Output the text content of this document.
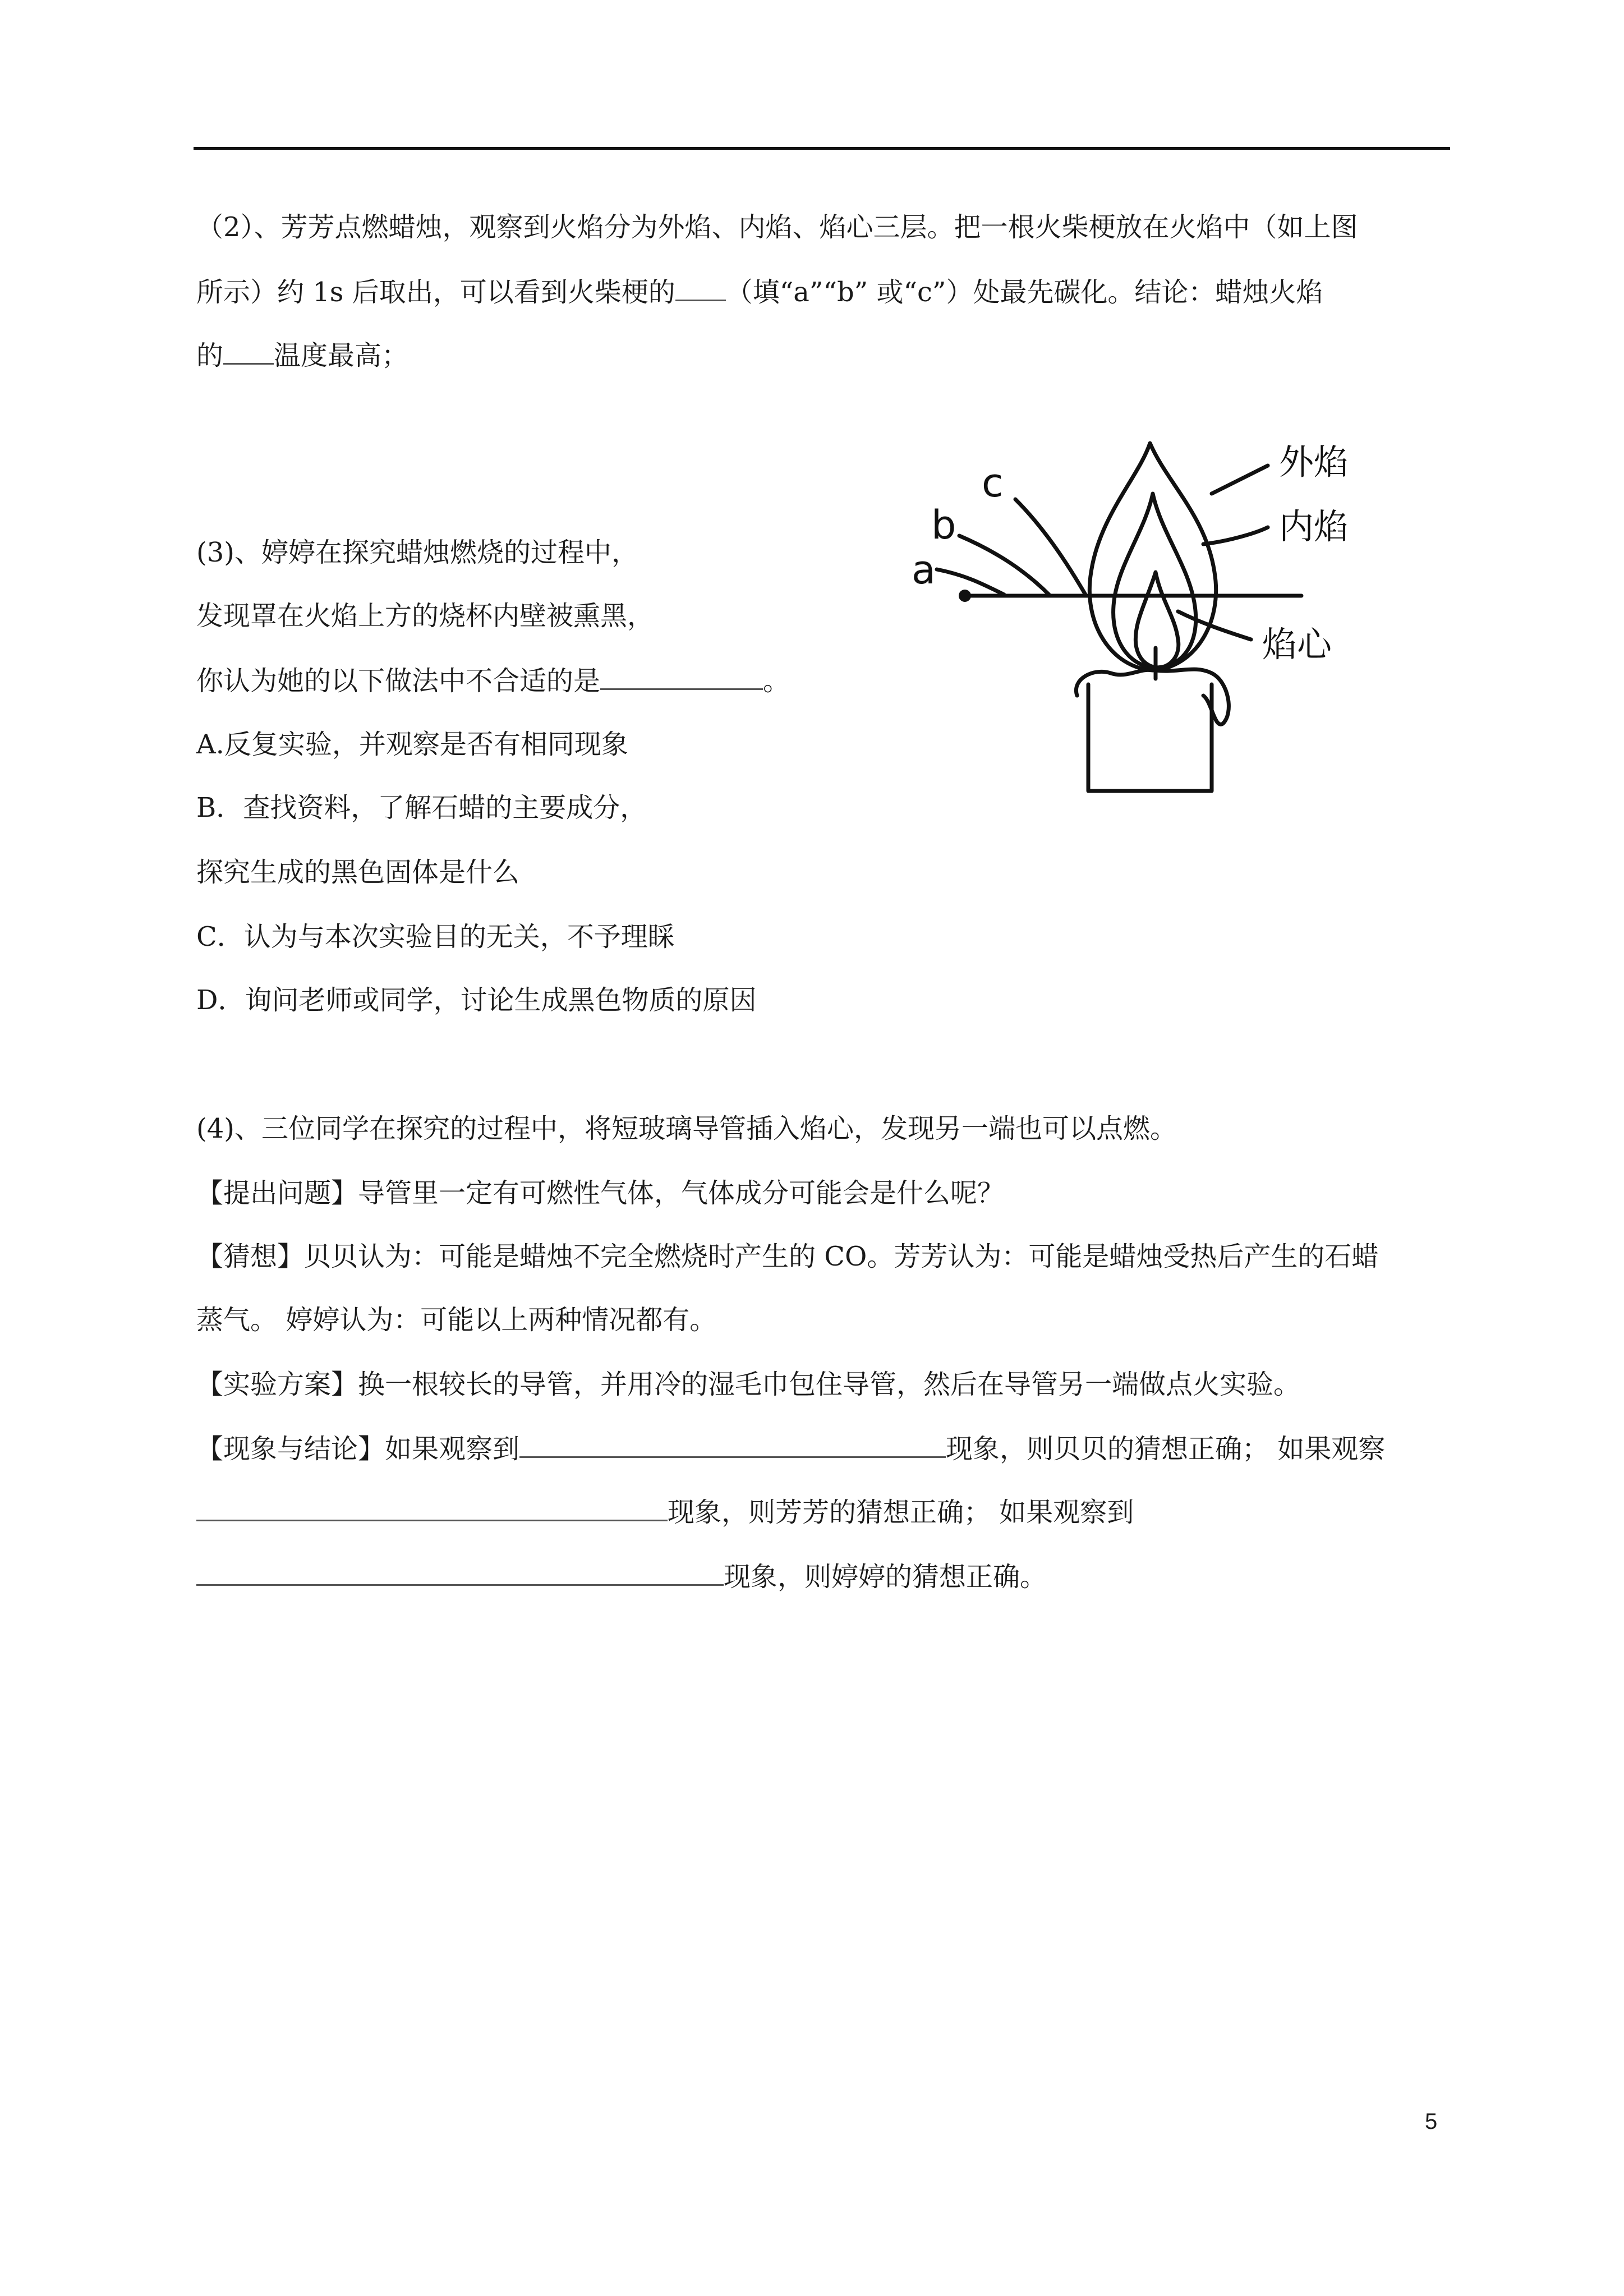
（2）、芳芳点燃蜡烛，观察到火焰分为外焰、内焰、焰心三层。把一根火柴梗放在火焰中（如上图

所示）约 1s 后取出，可以看到火柴梗的 （填“a”“b” 或“c”）处最先碳化。结论：蜡烛火焰

的 温度最高；

(3)、婷婷在探究蜡烛燃烧的过程中，

发现罩在火焰上方的烧杯内壁被熏黑，

你认为她的以下做法中不合适的是	。

A.反复实验，并观察是否有相同现象

B．查找资料，了解石蜡的主要成分，

探究生成的黑色固体是什么

C．认为与本次实验目的无关，不予理睬

D．询问老师或同学，讨论生成黑色物质的原因

外焰
内焰
焰心
a
b
c

(4)、三位同学在探究的过程中，将短玻璃导管插入焰心，发现另一端也可以点燃。

【提出问题】导管里一定有可燃性气体，气体成分可能会是什么呢？

【猜想】贝贝认为：可能是蜡烛不完全燃烧时产生的 CO。芳芳认为：可能是蜡烛受热后产生的石蜡

蒸气。 婷婷认为：可能以上两种情况都有。

【实验方案】换一根较长的导管，并用冷的湿毛巾包住导管，然后在导管另一端做点火实验。

【现象与结论】如果观察到	现象，则贝贝的猜想正确； 如果观察

现象，则芳芳的猜想正确； 如果观察到

现象，则婷婷的猜想正确。

5
